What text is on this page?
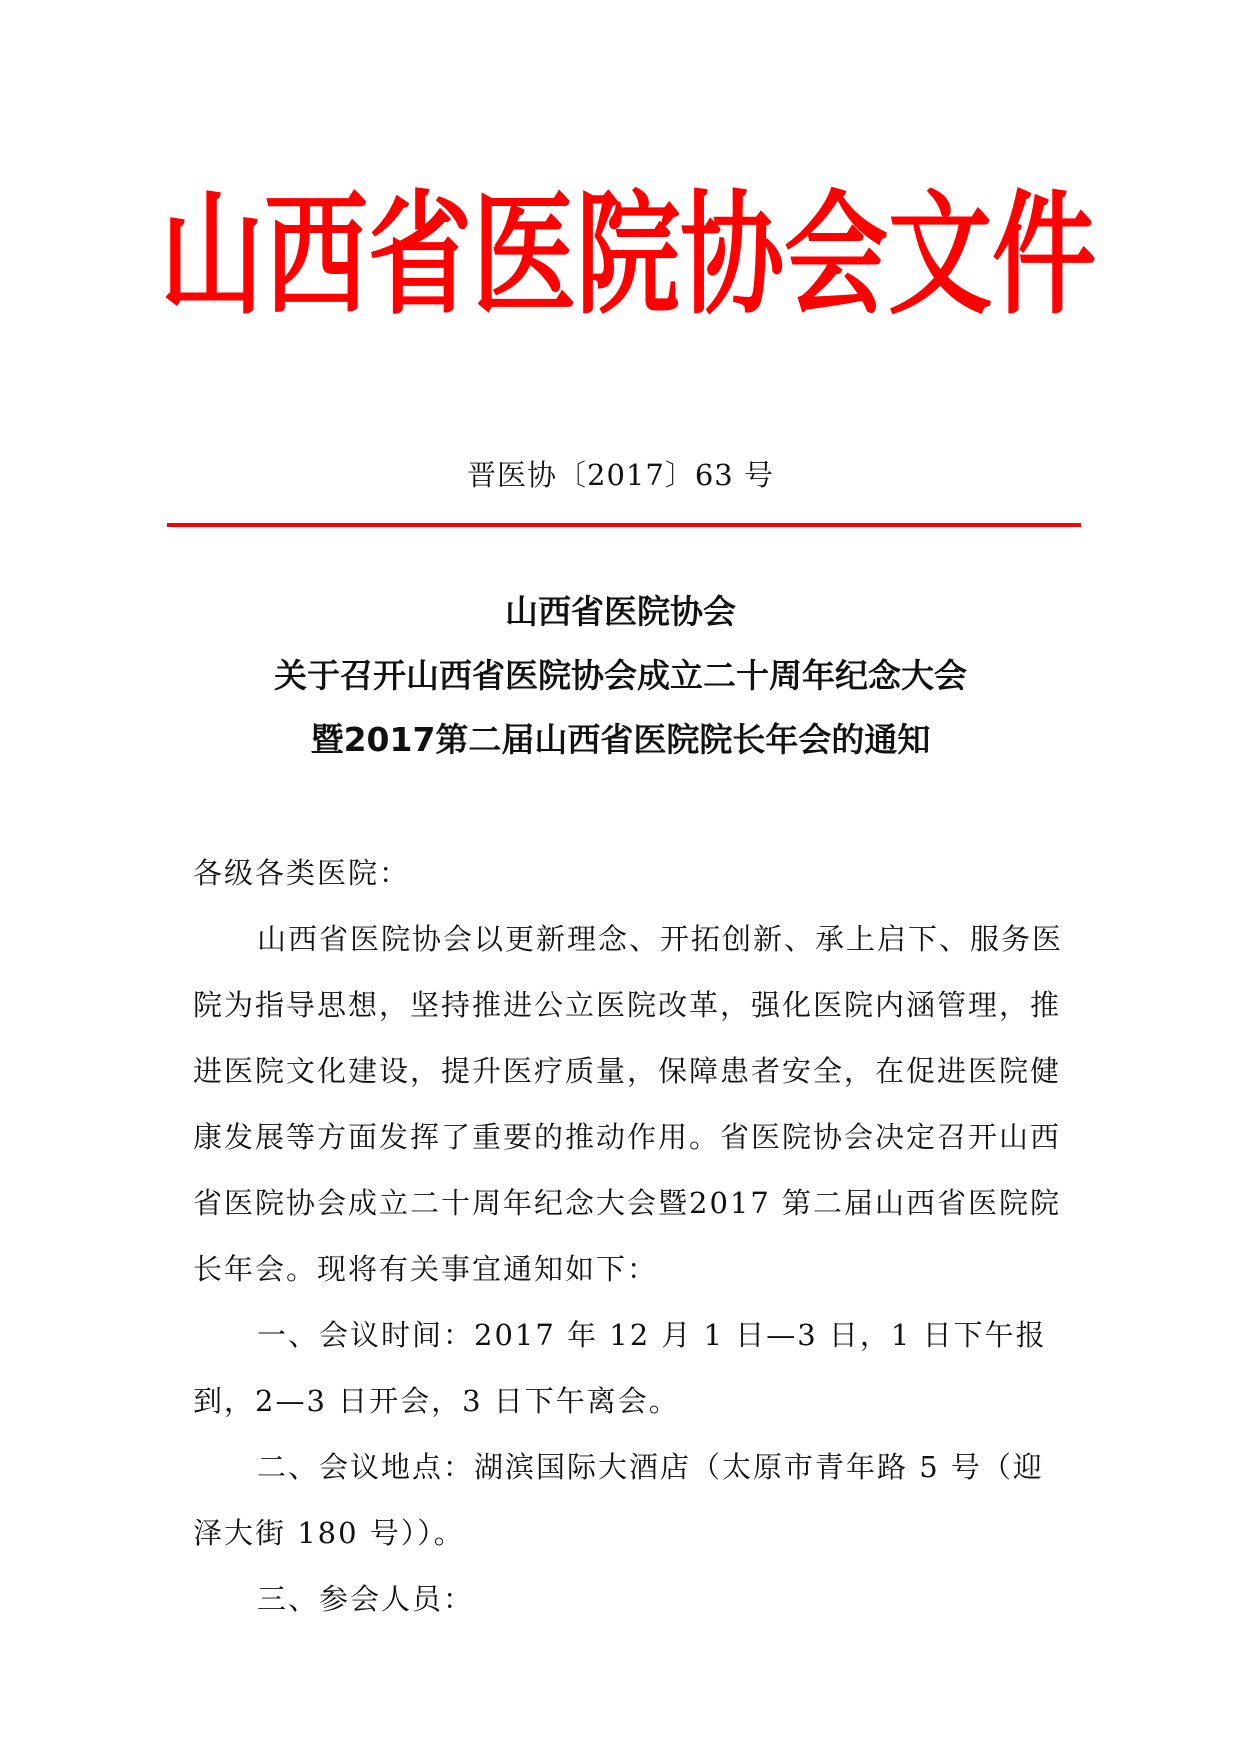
山 西 省 医 院 协 会 文 件
晋医协〔2017〕63 号
山西省医院协会
关于召开山西省医院协会成立二十周年纪念大会
暨2017第二届山西省医院院长年会的通知

各级各类医院：

山西省医院协会以更新理念、开拓创新、承上启下、服务医院为指导思想，坚持推进公立医院改革，强化医院内涵管理，推进医院文化建设，提升医疗质量，保障患者安全，在促进医院健康发展等方面发挥了重要的推动作用。省医院协会决定召开山西省医院协会成立二十周年纪念大会暨2017 第二届山西省医院院长年会。现将有关事宜通知如下：

一、会议时间：2017 年 12 月 1 日—3 日，1 日下午报到，2—3 日开会，3 日下午离会。

二、会议地点：湖滨国际大酒店（太原市青年路 5 号（迎泽大街 180 号））。

三、参会人员：
